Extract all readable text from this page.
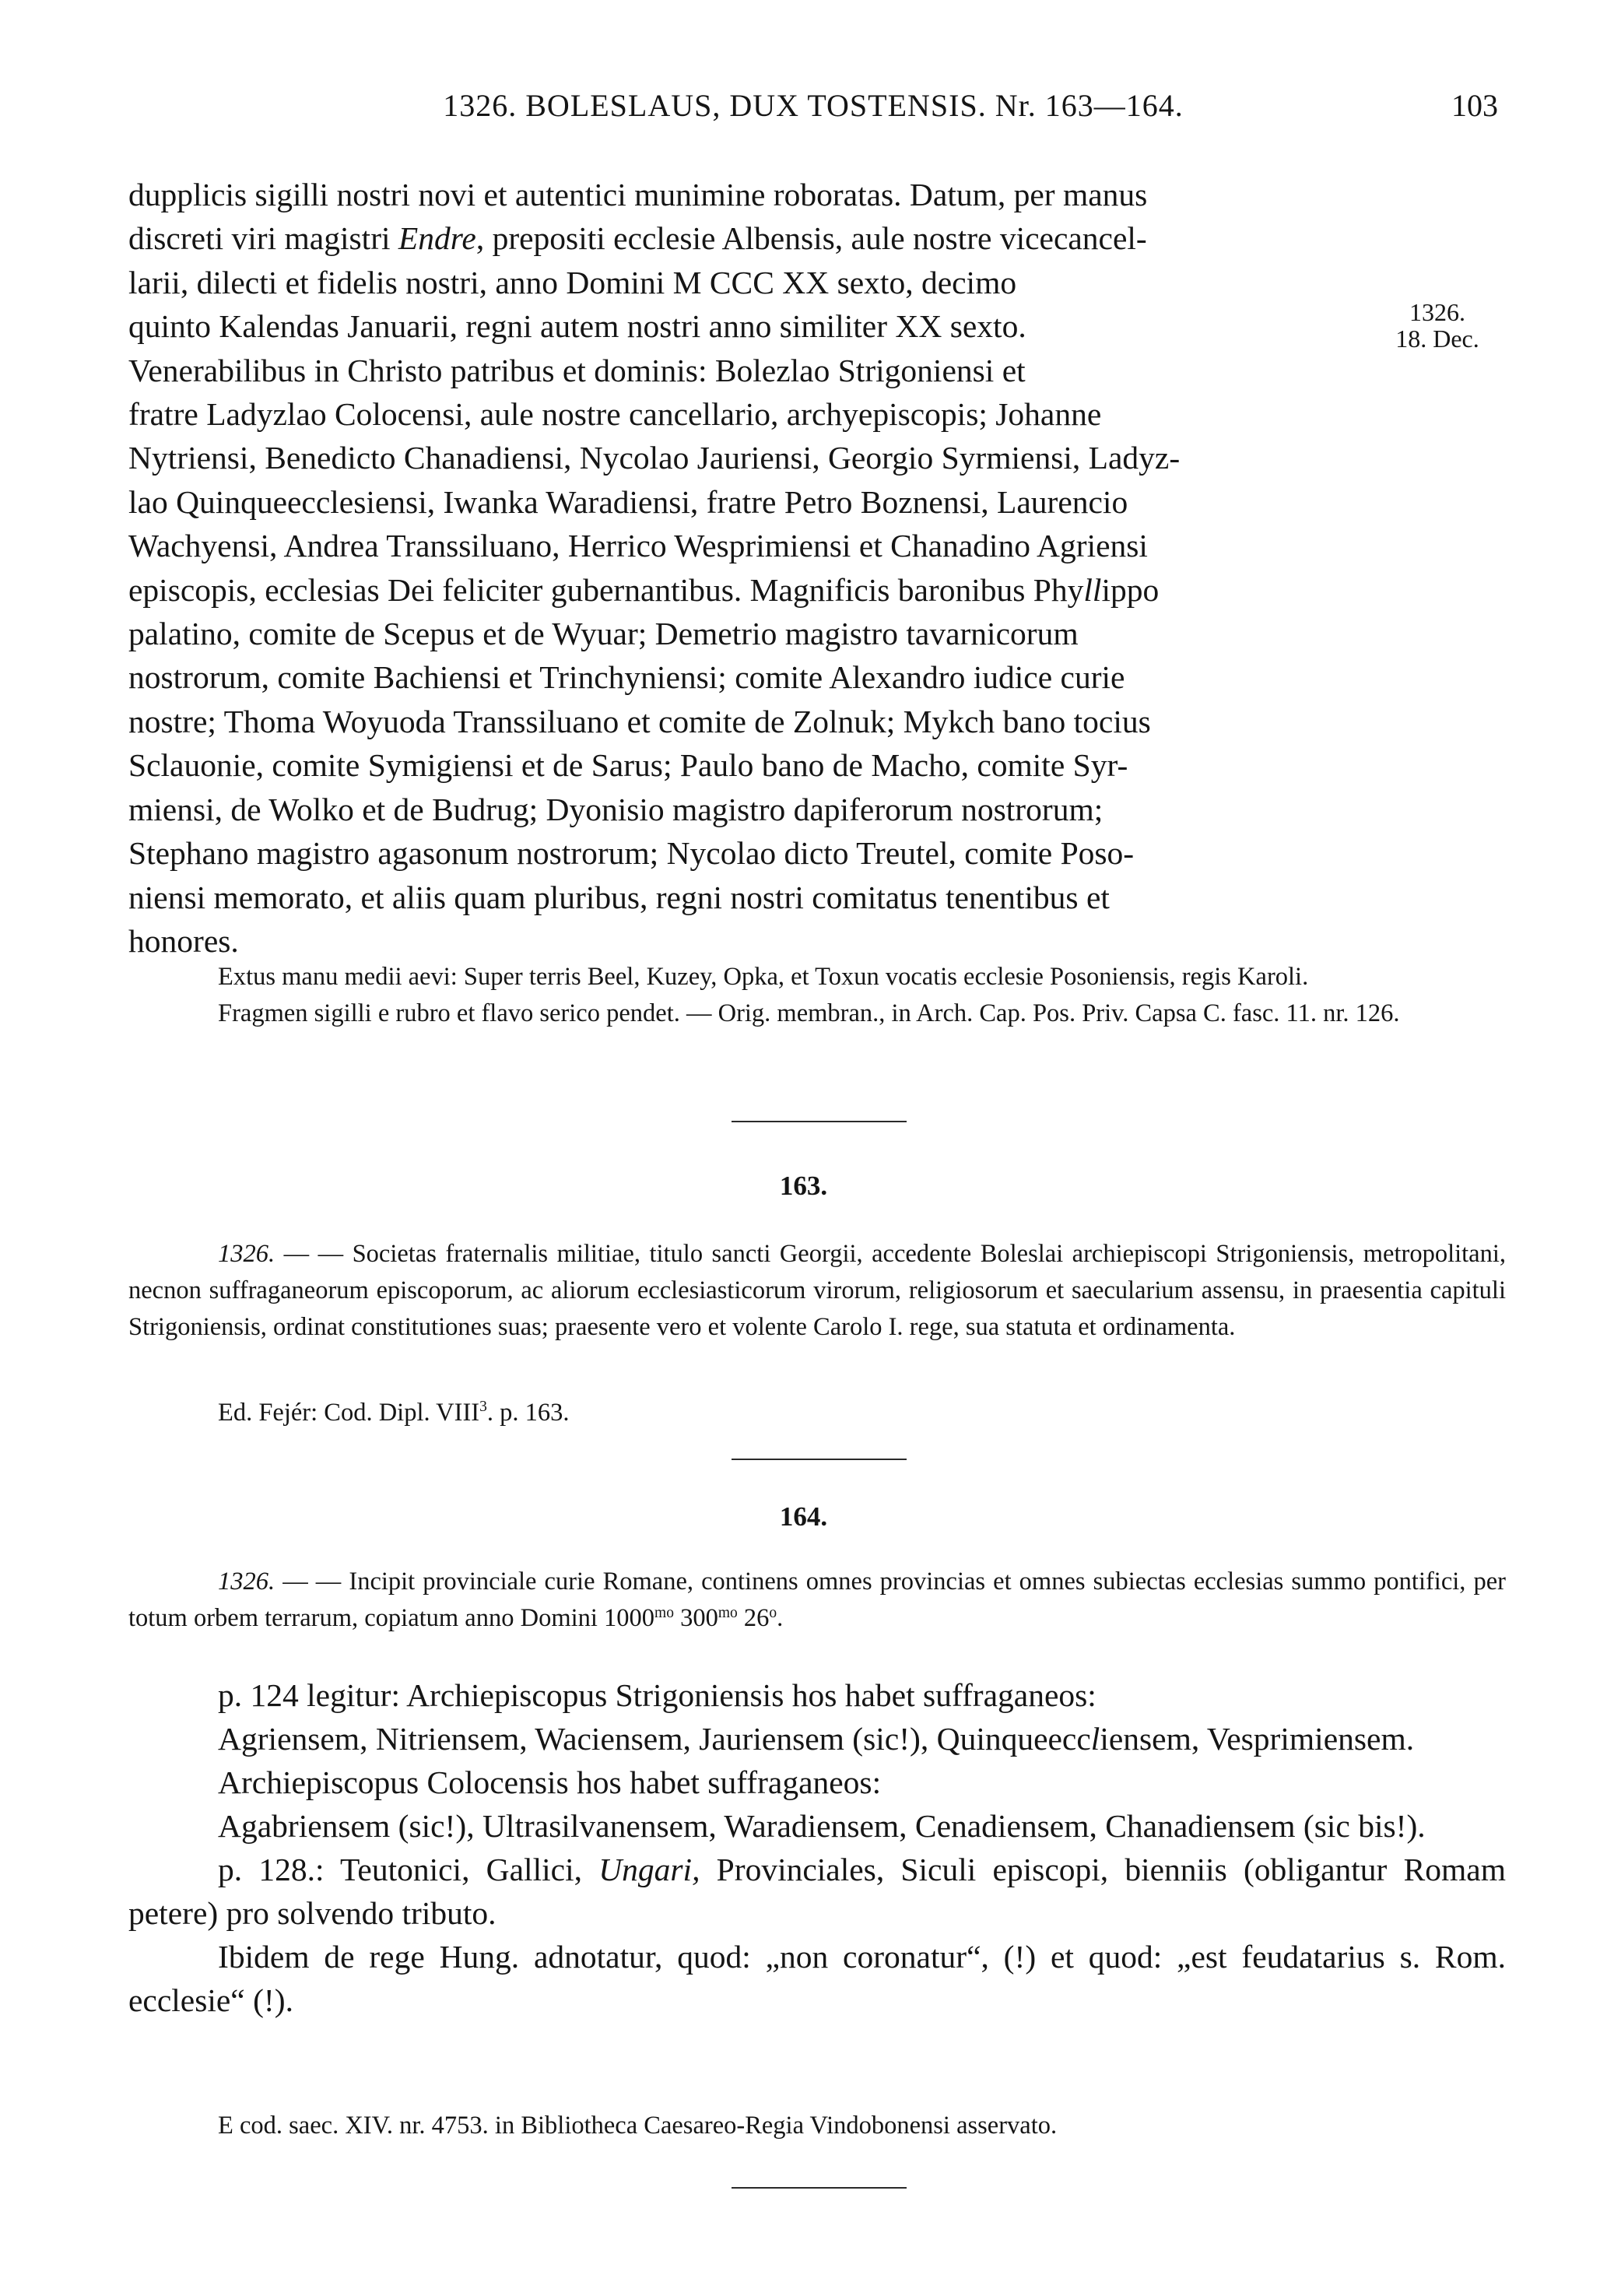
1326. BOLESLAUS, DUX TOSTENSIS. Nr. 163—164.	103
1326.
18. Dec.

dupplicis sigilli nostri novi et autentici munimine roboratas. Datum, per manus

discreti viri magistri Endre, prepositi ecclesie Albensis, aule nostre vicecancel-

larii, dilecti et fidelis nostri, anno Domini M CCC XX sexto, decimo

quinto Kalendas Januarii, regni autem nostri anno similiter XX sexto.

Venerabilibus in Christo patribus et dominis: Bolezlao Strigoniensi et

fratre Ladyzlao Colocensi, aule nostre cancellario, archyepiscopis; Johanne

Nytriensi, Benedicto Chanadiensi, Nycolao Jauriensi, Georgio Syrmiensi, Ladyz-

lao Quinqueecclesiensi, Iwanka Waradiensi, fratre Petro Boznensi, Laurencio

Wachyensi, Andrea Transsiluano, Herrico Wesprimiensi et Chanadino Agriensi

episcopis, ecclesias Dei feliciter gubernantibus. Magnificis baronibus Phyllippo

palatino, comite de Scepus et de Wyuar; Demetrio magistro tavarnicorum

nostrorum, comite Bachiensi et Trinchyniensi; comite Alexandro iudice curie

nostre; Thoma Woyuoda Transsiluano et comite de Zolnuk; Mykch bano tocius

Sclauonie, comite Symigiensi et de Sarus; Paulo bano de Macho, comite Syr-

miensi, de Wolko et de Budrug; Dyonisio magistro dapiferorum nostrorum;

Stephano magistro agasonum nostrorum; Nycolao dicto Treutel, comite Poso-

niensi memorato, et aliis quam pluribus, regni nostri comitatus tenentibus et

honores.

Extus manu medii aevi: Super terris Beel, Kuzey, Opka, et Toxun vocatis ecclesie Posoniensis, regis Karoli.

Fragmen sigilli e rubro et flavo serico pendet. — Orig. membran., in Arch. Cap. Pos. Priv. Capsa C. fasc. 11. nr. 126.

163.

1326. — — Societas fraternalis militiae, titulo sancti Georgii, accedente Boleslai archiepiscopi Strigoniensis, metropolitani, necnon suffraganeorum episcoporum, ac aliorum ecclesiasticorum virorum, religiosorum et saecularium assensu, in praesentia capituli Strigoniensis, ordinat constitutiones suas; praesente vero et volente Carolo I. rege, sua statuta et ordinamenta.

Ed. Fejér: Cod. Dipl. VIII$^3$. p. 163.
164.

1326. — — Incipit provinciale curie Romane, continens omnes provincias et omnes subiectas ecclesias summo pontifici, per totum orbem terrarum, copiatum anno Domini $1000^{mo}$ $300^{mo}$ 26$^o$.

p. 124 legitur: Archiepiscopus Strigoniensis hos habet suffraganeos:

Agriensem, Nitriensem, Waciensem, Jauriensem (sic!), Quinqueeccliensem, Vesprimiensem.

Archiepiscopus Colocensis hos habet suffraganeos:

Agabriensem (sic!), Ultrasilvanensem, Waradiensem, Cenadiensem, Chanadiensem (sic bis!).

p. 128.: Teutonici, Gallici, Ungari, Provinciales, Siculi episcopi, bienniis (obligantur Romam petere) pro solvendo tributo.

Ibidem de rege Hung. adnotatur, quod: „non coronatur“, (!) et quod: „est feudatarius s. Rom. ecclesie“ (!).

E cod. saec. XIV. nr. 4753. in Bibliotheca Caesareo-Regia Vindobonensi asservato.
